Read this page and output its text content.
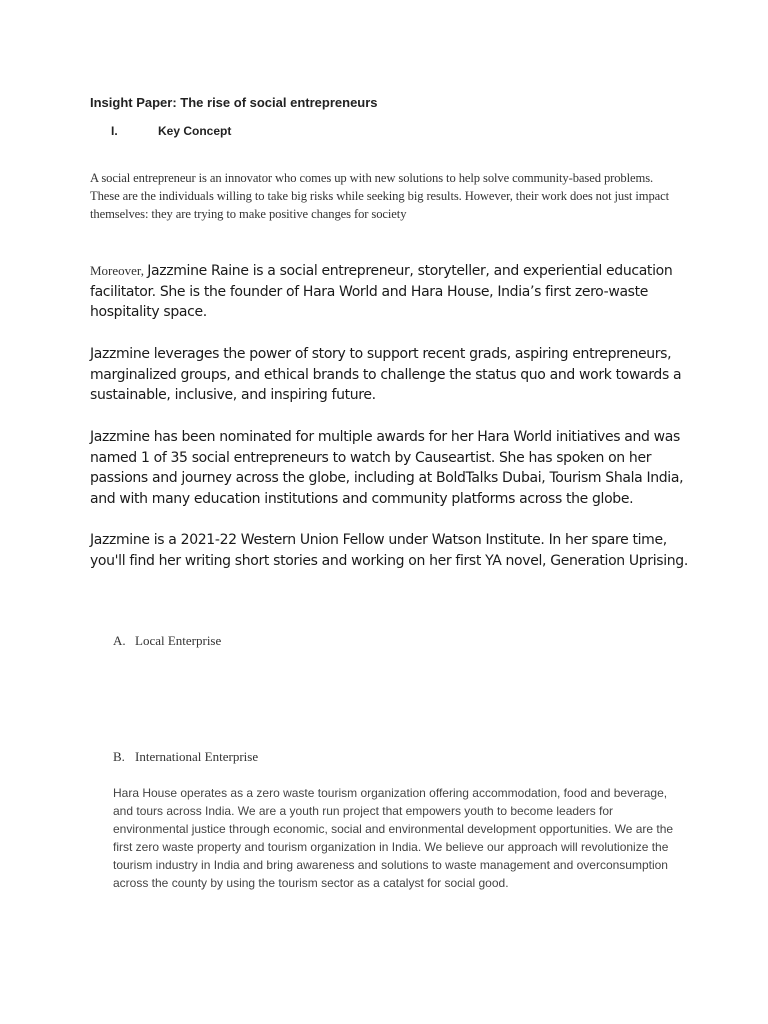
Insight Paper: The rise of social entrepreneurs
I.	Key Concept
A social entrepreneur is an innovator who comes up with new solutions to help solve community-based problems. These are the individuals willing to take big risks while seeking big results. However, their work does not just impact themselves: they are trying to make positive changes for society
Moreover, Jazzmine Raine is a social entrepreneur, storyteller, and experiential education facilitator. She is the founder of Hara World and Hara House, India’s first zero-waste hospitality space.
Jazzmine leverages the power of story to support recent grads, aspiring entrepreneurs, marginalized groups, and ethical brands to challenge the status quo and work towards a sustainable, inclusive, and inspiring future.
Jazzmine has been nominated for multiple awards for her Hara World initiatives and was named 1 of 35 social entrepreneurs to watch by Causeartist. She has spoken on her passions and journey across the globe, including at BoldTalks Dubai, Tourism Shala India, and with many education institutions and community platforms across the globe.
Jazzmine is a 2021-22 Western Union Fellow under Watson Institute. In her spare time, you'll find her writing short stories and working on her first YA novel, Generation Uprising.
A. Local Enterprise
B. International Enterprise
Hara House operates as a zero waste tourism organization offering accommodation, food and beverage, and tours across India. We are a youth run project that empowers youth to become leaders for environmental justice through economic, social and environmental development opportunities. We are the first zero waste property and tourism organization in India. We believe our approach will revolutionize the tourism industry in India and bring awareness and solutions to waste management and overconsumption across the county by using the tourism sector as a catalyst for social good.
